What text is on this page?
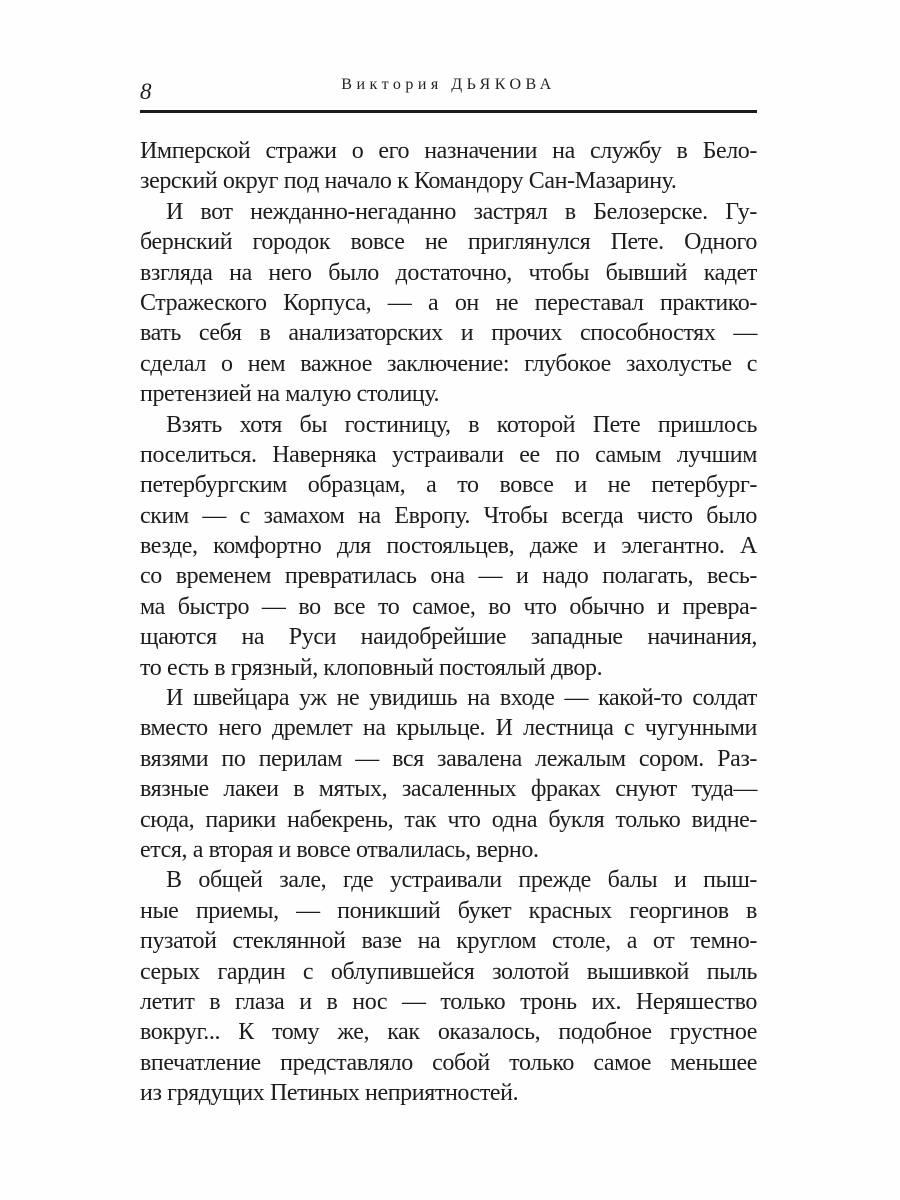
8	Виктория ДЬЯКОВА

Имперской стражи о его назначении на службу в Бело-
зерский округ под начало к Командору Сан-Мазарину.

И вот нежданно-негаданно застрял в Белозерске. Гу-
бернский городок вовсе не приглянулся Пете. Одного
взгляда на него было достаточно, чтобы бывший кадет
Стражеского Корпуса, — а он не переставал практико-
вать себя в анализаторских и прочих способностях —
сделал о нем важное заключение: глубокое захолустье с
претензией на малую столицу.

Взять хотя бы гостиницу, в которой Пете пришлось
поселиться. Наверняка устраивали ее по самым лучшим
петербургским образцам, а то вовсе и не петербург-
ским — с замахом на Европу. Чтобы всегда чисто было
везде, комфортно для постояльцев, даже и элегантно. А
со временем превратилась она — и надо полагать, весь-
ма быстро — во все то самое, во что обычно и превра-
щаются на Руси наидобрейшие западные начинания,
то есть в грязный, клоповный постоялый двор.

И швейцара уж не увидишь на входе — какой-то солдат
вместо него дремлет на крыльце. И лестница с чугунными
вязями по перилам — вся завалена лежалым сором. Раз-
вязные лакеи в мятых, засаленных фраках снуют туда—
сюда, парики набекрень, так что одна букля только видне-
ется, а вторая и вовсе отвалилась, верно.

В общей зале, где устраивали прежде балы и пыш-
ные приемы, — поникший букет красных георгинов в
пузатой стеклянной вазе на круглом столе, а от темно-
серых гардин с облупившейся золотой вышивкой пыль
летит в глаза и в нос — только тронь их. Неряшество
вокруг... К тому же, как оказалось, подобное грустное
впечатление представляло собой только самое меньшее
из грядущих Петиных неприятностей.
